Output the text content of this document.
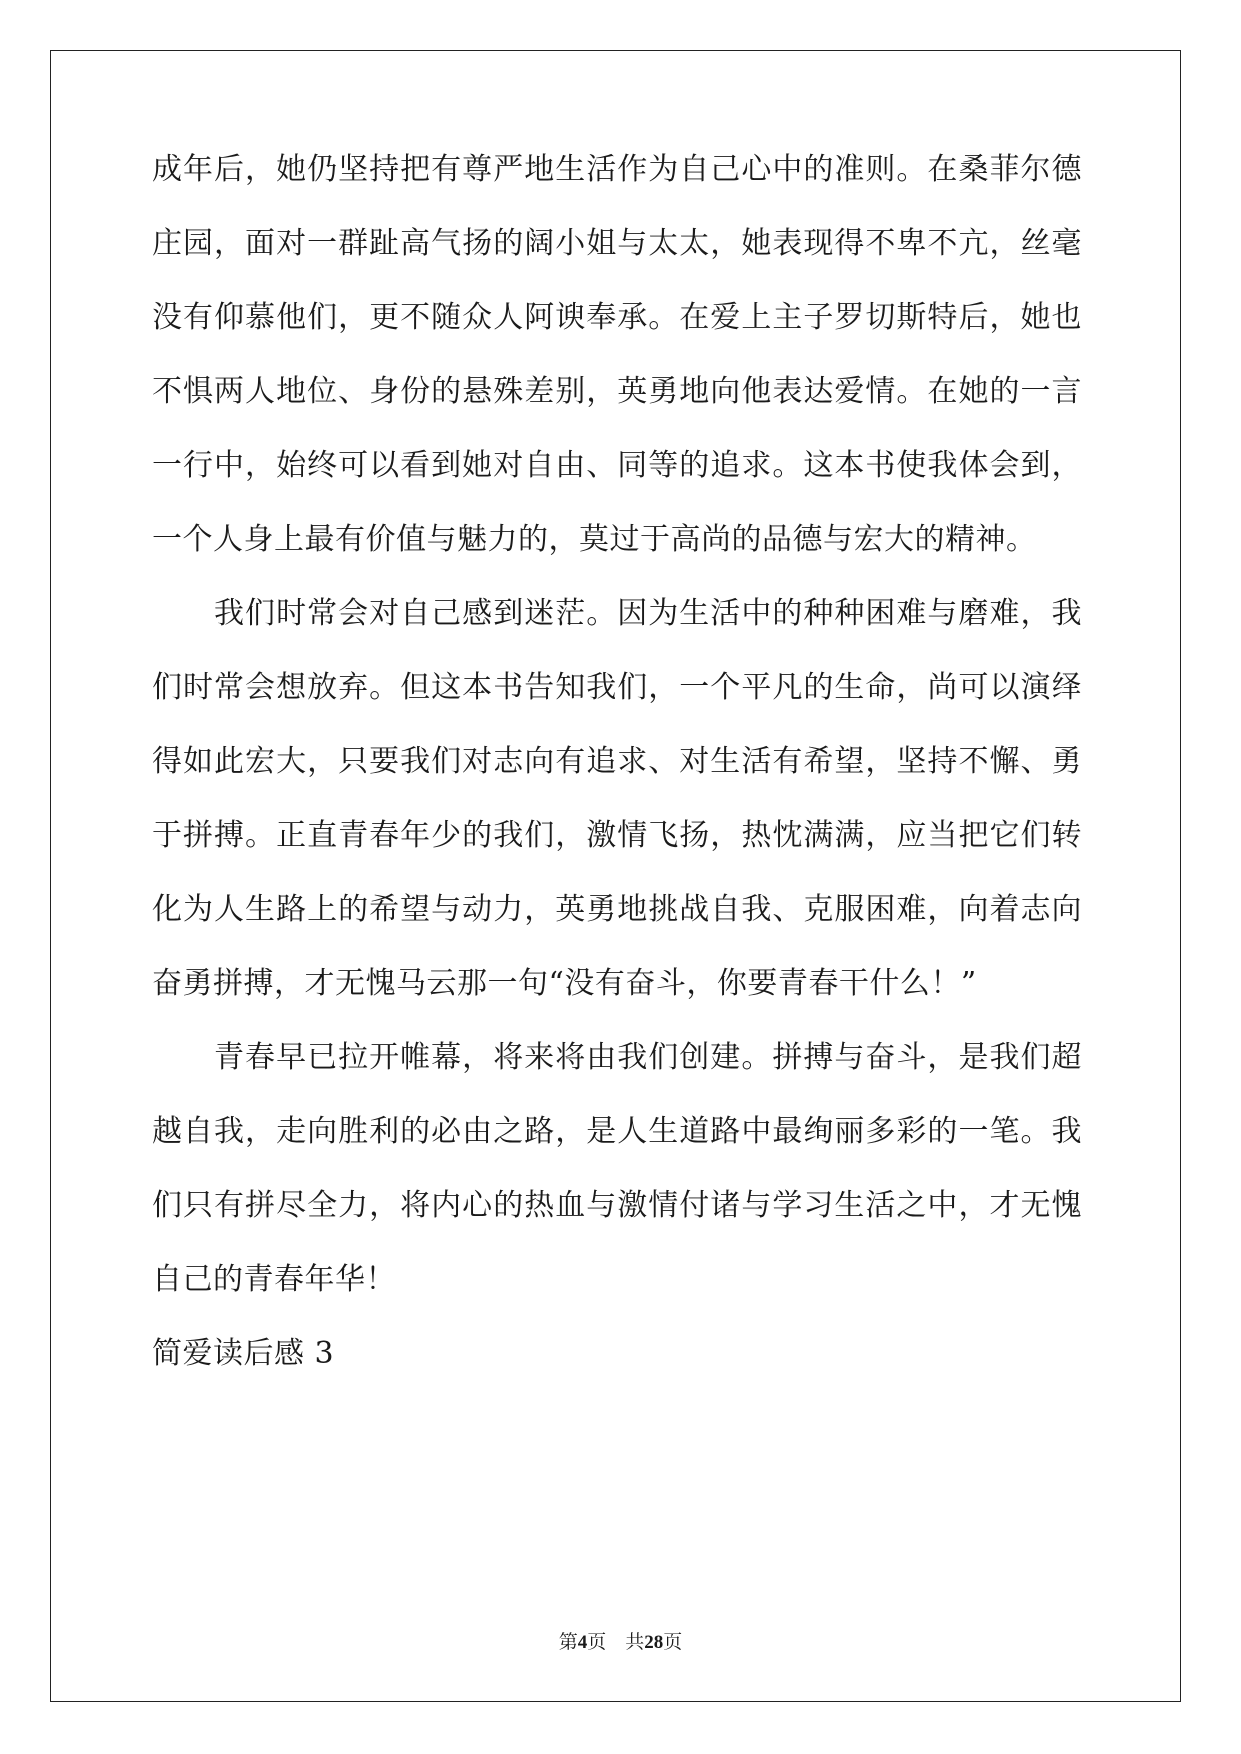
成年后，她仍坚持把有尊严地生活作为自己心中的准则。在桑菲尔德
庄园，面对一群趾高气扬的阔小姐与太太，她表现得不卑不亢，丝毫
没有仰慕他们，更不随众人阿谀奉承。在爱上主子罗切斯特后，她也
不惧两人地位、身份的悬殊差别，英勇地向他表达爱情。在她的一言
一行中，始终可以看到她对自由、同等的追求。这本书使我体会到，
一个人身上最有价值与魅力的，莫过于高尚的品德与宏大的精神。
　　我们时常会对自己感到迷茫。因为生活中的种种困难与磨难，我
们时常会想放弃。但这本书告知我们，一个平凡的生命，尚可以演绎
得如此宏大，只要我们对志向有追求、对生活有希望，坚持不懈、勇
于拼搏。正直青春年少的我们，激情飞扬，热忱满满，应当把它们转
化为人生路上的希望与动力，英勇地挑战自我、克服困难，向着志向
奋勇拼搏，才无愧马云那一句“没有奋斗，你要青春干什么！”
　　青春早已拉开帷幕，将来将由我们创建。拼搏与奋斗，是我们超
越自我，走向胜利的必由之路，是人生道路中最绚丽多彩的一笔。我
们只有拼尽全力，将内心的热血与激情付诸与学习生活之中，才无愧
自己的青春年华！
简爱读后感 3
第4页　共28页
